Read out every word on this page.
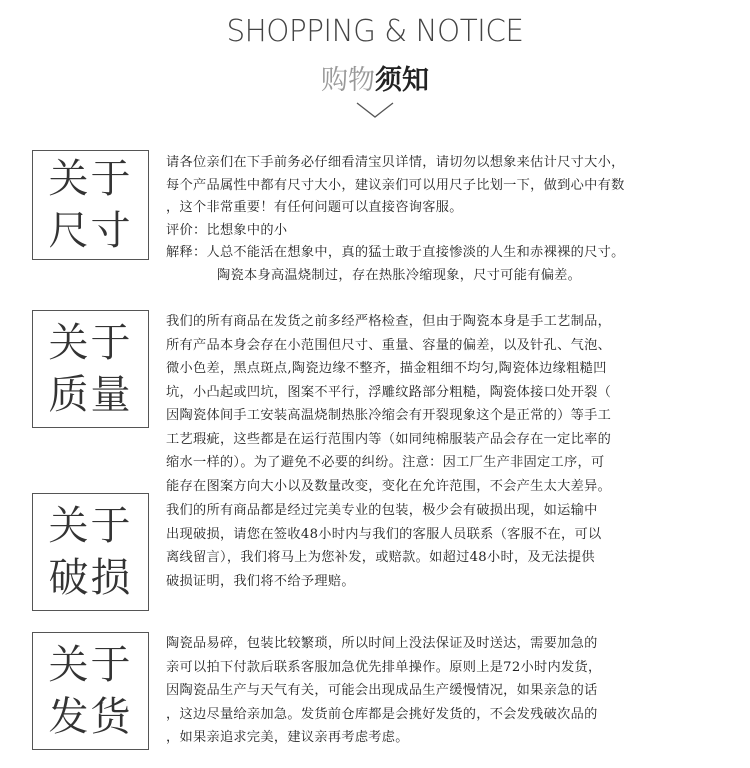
SHOPPING & NOTICE
购物须知
关于
尺寸

请各位亲们在下手前务必仔细看清宝贝详情，请切勿以想象来估计尺寸大小，

每个产品属性中都有尺寸大小，建议亲们可以用尺子比划一下，做到心中有数

，这个非常重要！有任何问题可以直接咨询客服。

评价：比想象中的小

解释：人总不能活在想象中，真的猛士敢于直接惨淡的人生和赤裸裸的尺寸。

陶瓷本身高温烧制过，存在热胀冷缩现象，尺寸可能有偏差。

关于
质量

我们的所有商品在发货之前多经严格检查，但由于陶瓷本身是手工艺制品，

所有产品本身会存在小范围但尺寸、重量、容量的偏差，以及针孔、气泡、

微小色差，黑点斑点,陶瓷边缘不整齐，描金粗细不均匀,陶瓷体边缘粗糙凹

坑，小凸起或凹坑，图案不平行，浮雕纹路部分粗糙，陶瓷体接口处开裂（

因陶瓷体间手工安装高温烧制热胀冷缩会有开裂现象这个是正常的）等手工

工艺瑕疵，这些都是在运行范围内等（如同纯棉服装产品会存在一定比率的

缩水一样的）。为了避免不必要的纠纷。注意：因工厂生产非固定工序，可

能存在图案方向大小以及数量改变，变化在允许范围，不会产生太大差异。

关于
破损

我们的所有商品都是经过完美专业的包装，极少会有破损出现，如运输中

出现破损，请您在签收48小时内与我们的客服人员联系（客服不在，可以

离线留言），我们将马上为您补发，或赔款。如超过48小时，及无法提供

破损证明，我们将不给予理赔。

关于
发货

陶瓷品易碎，包装比较繁琐，所以时间上没法保证及时送达，需要加急的

亲可以拍下付款后联系客服加急优先排单操作。原则上是72小时内发货，

因陶瓷品生产与天气有关，可能会出现成品生产缓慢情况，如果亲急的话

，这边尽量给亲加急。发货前仓库都是会挑好发货的，不会发残破次品的

，如果亲追求完美，建议亲再考虑考虑。
